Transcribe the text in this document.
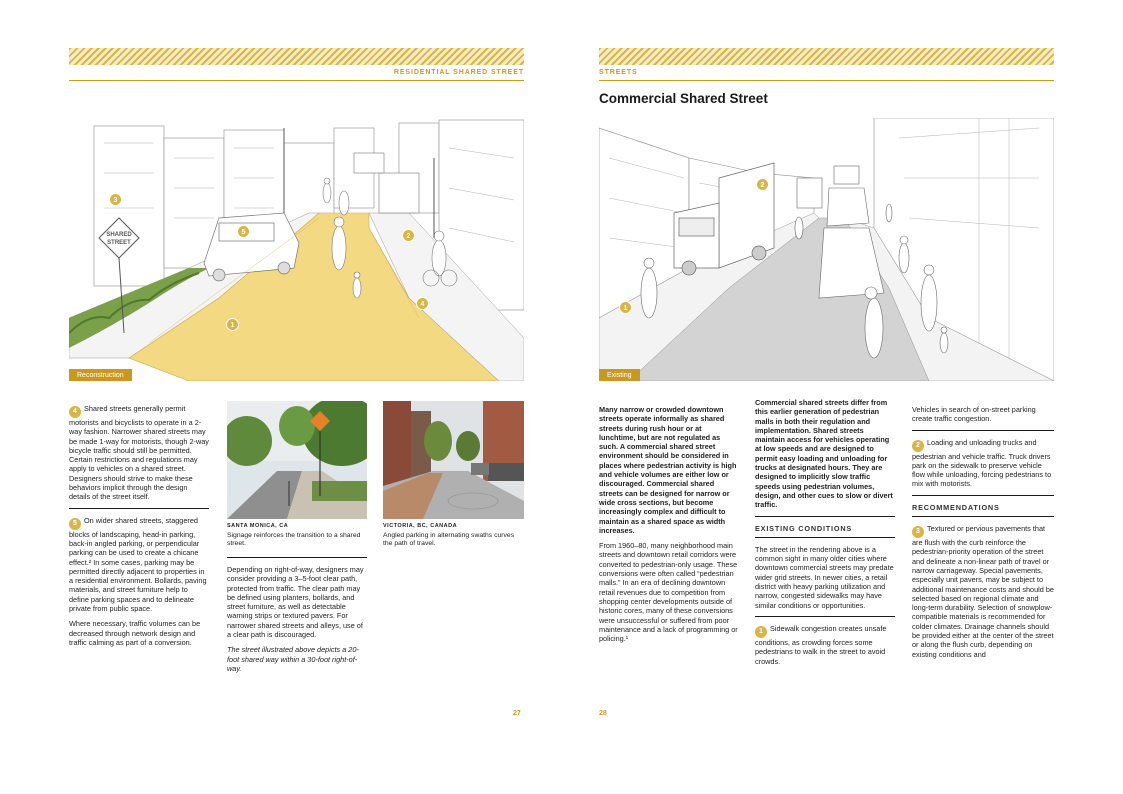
RESIDENTIAL SHARED STREET
SHARED
STREET
3
5
2
4
1
Reconstruction

4 Shared streets generally permit motorists and bicyclists to operate in a 2-way fashion. Narrower shared streets may be made 1-way for motorists, though 2-way bicycle traffic should still be permitted. Certain restrictions and regulations may apply to vehicles on a shared street. Designers should strive to make these behaviors implicit through the design details of the street itself.

5 On wider shared streets, staggered blocks of landscaping, head-in parking, back-in angled parking, or perpendicular parking can be used to create a chicane effect.² In some cases, parking may be permitted directly adjacent to properties in a residential environment. Bollards, paving materials, and street furniture help to define parking spaces and to delineate private from public space.

Where necessary, traffic volumes can be decreased through network design and traffic calming as part of a conversion.

SANTA MONICA, CA
Signage reinforces the transition to a shared street.
VICTORIA, BC, CANADA
Angled parking in alternating swaths curves the path of travel.

Depending on right-of-way, designers may consider providing a 3–5-foot clear path, protected from traffic. The clear path may be defined using planters, bollards, and street furniture, as well as detectable warning strips or textured pavers. For narrower shared streets and alleys, use of a clear path is discouraged.

The street illustrated above depicts a 20-foot shared way within a 30-foot right-of-way.

27
STREETS
Commercial Shared Street
2
1
Existing

Many narrow or crowded downtown streets operate informally as shared streets during rush hour or at lunchtime, but are not regulated as such. A commercial shared street environment should be considered in places where pedestrian activity is high and vehicle volumes are either low or discouraged. Commercial shared streets can be designed for narrow or wide cross sections, but become increasingly complex and difficult to maintain as a shared space as width increases.

From 1960–80, many neighborhood main streets and downtown retail corridors were converted to pedestrian-only usage. These conversions were often called “pedestrian malls.” In an era of declining downtown retail revenues due to competition from shopping center developments outside of historic cores, many of these conversions were unsuccessful or suffered from poor maintenance and a lack of programming or policing.¹

Commercial shared streets differ from this earlier generation of pedestrian malls in both their regulation and implementation. Shared streets maintain access for vehicles operating at low speeds and are designed to permit easy loading and unloading for trucks at designated hours. They are designed to implicitly slow traffic speeds using pedestrian volumes, design, and other cues to slow or divert traffic.

EXISTING CONDITIONS

The street in the rendering above is a common sight in many older cities where downtown commercial streets may predate wider grid streets. In newer cities, a retail district with heavy parking utilization and narrow, congested sidewalks may have similar conditions or opportunities.

1 Sidewalk congestion creates unsafe conditions, as crowding forces some pedestrians to walk in the street to avoid crowds.

Vehicles in search of on-street parking create traffic congestion.

2 Loading and unloading trucks and pedestrian and vehicle traffic. Truck drivers park on the sidewalk to preserve vehicle flow while unloading, forcing pedestrians to mix with motorists.

RECOMMENDATIONS

3 Textured or pervious pavements that are flush with the curb reinforce the pedestrian-priority operation of the street and delineate a non-linear path of travel or narrow carriageway. Special pavements, especially unit pavers, may be subject to additional maintenance costs and should be selected based on regional climate and long-term durability. Selection of snowplow-compatible materials is recommended for colder climates. Drainage channels should be provided either at the center of the street or along the flush curb, depending on existing conditions and

28
